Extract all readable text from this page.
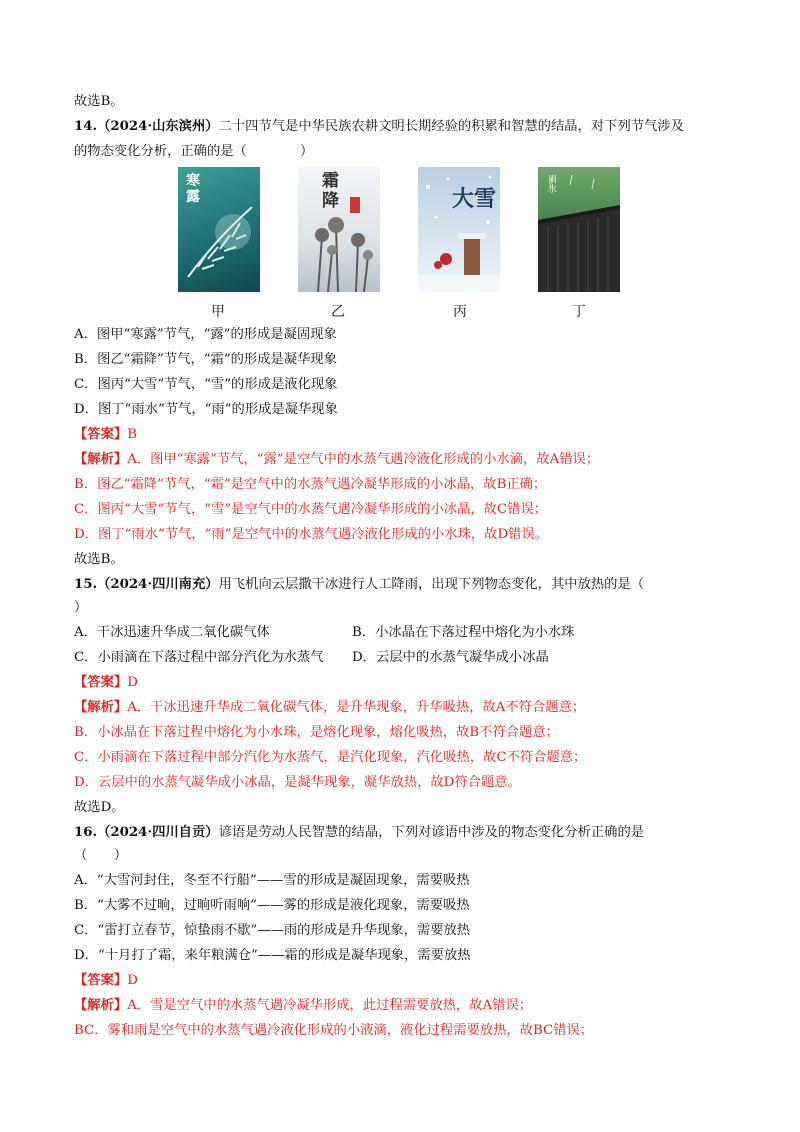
故选B。
14.（2024·山东滨州）二十四节气是中华民族农耕文明长期经验的积累和智慧的结晶，对下列节气涉及
的物态变化分析，正确的是（　　　　）
寒露
霜降	大雪
雨水
甲	乙	丙	丁
A．图甲“寒露”节气，“露”的形成是凝固现象
B．图乙“霜降”节气，“霜”的形成是凝华现象
C．图丙“大雪”节气，“雪”的形成是液化现象
D．图丁“雨水”节气，“雨”的形成是凝华现象
【答案】B
【解析】A．图甲“寒露”节气，“露”是空气中的水蒸气遇冷液化形成的小水滴，故A错误；
B．图乙“霜降”节气，“霜”是空气中的水蒸气遇冷凝华形成的小冰晶，故B正确；
C．图丙“大雪”节气，“雪”是空气中的水蒸气遇冷凝华形成的小冰晶，故C错误；
D．图丁“雨水”节气，“雨”是空气中的水蒸气遇冷液化形成的小水珠，故D错误。
故选B。
15.（2024·四川南充）用飞机向云层撒干冰进行人工降雨，出现下列物态变化，其中放热的是（
）
A．干冰迅速升华成二氧化碳气体	B．小冰晶在下落过程中熔化为小水珠
C．小雨滴在下落过程中部分汽化为水蒸气 D．云层中的水蒸气凝华成小冰晶
【答案】D
【解析】A．干冰迅速升华成二氧化碳气体，是升华现象，升华吸热，故A不符合题意；
B．小冰晶在下落过程中熔化为小水珠，是熔化现象，熔化吸热，故B不符合题意；
C．小雨滴在下落过程中部分汽化为水蒸气，是汽化现象，汽化吸热，故C不符合题意；
D．云层中的水蒸气凝华成小冰晶，是凝华现象，凝华放热，故D符合题意。
故选D。
16.（2024·四川自贡）谚语是劳动人民智慧的结晶，下列对谚语中涉及的物态变化分析正确的是
（　　）
A．“大雪河封住，冬至不行船”——雪的形成是凝固现象，需要吸热
B．“大雾不过晌，过晌听雨响”——雾的形成是液化现象，需要吸热
C．“雷打立春节，惊蛰雨不歇”——雨的形成是升华现象，需要放热
D．“十月打了霜，来年粮满仓”——霜的形成是凝华现象，需要放热
【答案】D
【解析】A．雪是空气中的水蒸气遇冷凝华形成，此过程需要放热，故A错误；
BC．雾和雨是空气中的水蒸气遇冷液化形成的小液滴，液化过程需要放热，故BC错误；
